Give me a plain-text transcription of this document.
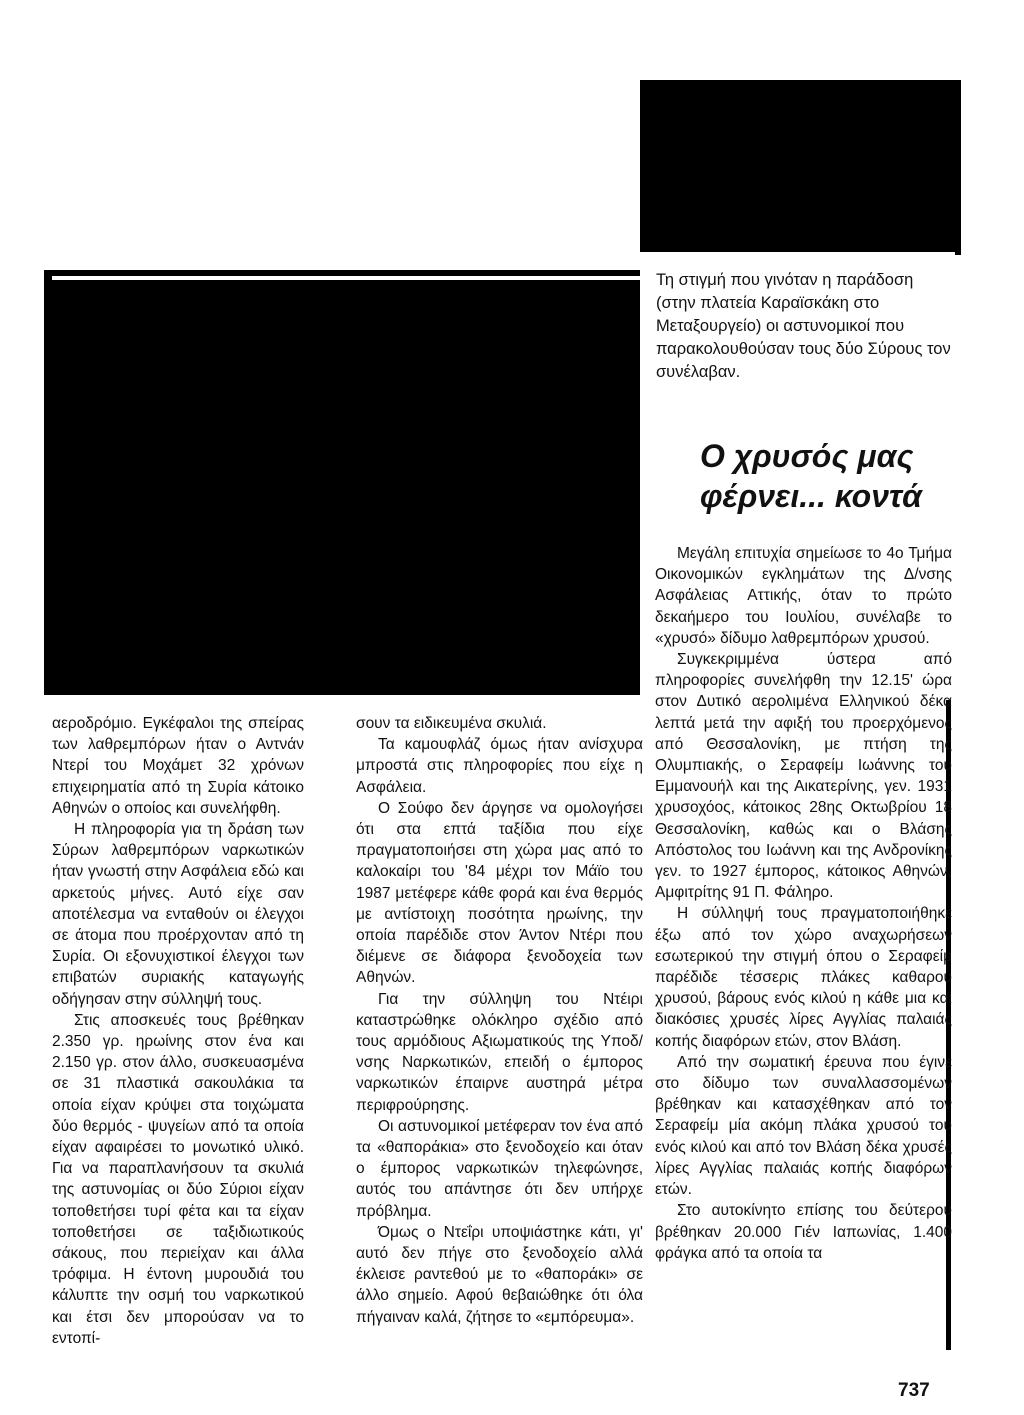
Τη στιγμή που γινόταν η παράδοση (στην πλατεία Καραϊσκάκη στο Μεταξουργείο) οι αστυνομικοί που παρακολουθούσαν τους δύο Σύρους τον συνέλαβαν.
Ο χρυσός μας
φέρνει... κοντά

αεροδρόμιο. Εγκέφαλοι της σπείρας των λαθρεμπόρων ήταν ο Αντνάν Ντερί του Μοχάμετ 32 χρόνων επιχειρηματία από τη Συρία κάτοικο Αθηνών ο οποίος και συνελήφθη.

Η πληροφορία για τη δράση των Σύρων λαθρεμπόρων ναρκωτικών ήταν γνωστή στην Ασφάλεια εδώ και αρκετούς μήνες. Αυτό είχε σαν αποτέλεσμα να ενταθούν οι έλεγχοι σε άτομα που προέρχονταν από τη Συρία. Οι εξονυχιστικοί έλεγχοι των επιβατών συριακής καταγωγής οδήγησαν στην σύλληψή τους.

Στις αποσκευές τους βρέθηκαν 2.350 γρ. ηρωίνης στον ένα και 2.150 γρ. στον άλλο, συσκευασμένα σε 31 πλαστικά σακουλάκια τα οποία είχαν κρύψει στα τοιχώματα δύο θερμός - ψυγείων από τα οποία είχαν αφαιρέσει το μονωτικό υλικό. Για να παραπλανήσουν τα σκυλιά της αστυνομίας οι δύο Σύριοι είχαν τοποθετήσει τυρί φέτα και τα είχαν τοποθετήσει σε ταξιδιωτικούς σάκους, που περιείχαν και άλλα τρόφιμα. Η έντονη μυρουδιά του κάλυπτε την οσμή του ναρκωτικού και έτσι δεν μπορούσαν να το εντοπί-

σουν τα ειδικευμένα σκυλιά.

Τα καμουφλάζ όμως ήταν ανίσχυρα μπροστά στις πληροφορίες που είχε η Ασφάλεια.

Ο Σούφο δεν άργησε να ομολογήσει ότι στα επτά ταξίδια που είχε πραγματοποιήσει στη χώρα μας από το καλοκαίρι του '84 μέχρι τον Μάϊο του 1987 μετέφερε κάθε φορά και ένα θερμός με αντίστοιχη ποσότητα ηρωίνης, την οποία παρέδιδε στον Άντον Ντέρι που διέμενε σε διάφορα ξενοδοχεία των Αθηνών.

Για την σύλληψη του Ντέιρι καταστρώθηκε ολόκληρο σχέδιο από τους αρμόδιους Αξιωματικούς της Υποδ/νσης Ναρκωτικών, επειδή ο έμπορος ναρκωτικών έπαιρνε αυστηρά μέτρα περιφρούρησης.

Οι αστυνομικοί μετέφεραν τον ένα από τα «θαποράκια» στο ξενοδοχείο και όταν ο έμπορος ναρκωτικών τηλεφώνησε, αυτός του απάντησε ότι δεν υπήρχε πρόβλημα.

Όμως ο Ντεΐρι υποψιάστηκε κάτι, γι' αυτό δεν πήγε στο ξενοδοχείο αλλά έκλεισε ραντεθού με το «θαποράκι» σε άλλο σημείο. Αφού θεβαιώθηκε ότι όλα πήγαιναν καλά, ζήτησε το «εμπόρευμα».

Μεγάλη επιτυχία σημείωσε το 4ο Τμήμα Οικονομικών εγκλημάτων της Δ/νσης Ασφάλειας Αττικής, όταν το πρώτο δεκαήμερο του Ιουλίου, συνέλαβε το «χρυσό» δίδυμο λαθρεμπόρων χρυσού.

Συγκεκριμμένα ύστερα από πληροφορίες συνελήφθη την 12.15' ώρα στον Δυτικό αερολιμένα Ελληνικού δέκα λεπτά μετά την αφιξή του προερχόμενος από Θεσσαλονίκη, με πτήση της Ολυμπιακής, ο Σεραφείμ Ιωάννης του Εμμανουήλ και της Αικατερίνης, γεν. 1931 χρυσοχόος, κάτοικος 28ης Οκτωβρίου 18 Θεσσαλονίκη, καθώς και ο Βλάσης Απόστολος του Ιωάννη και της Ανδρονίκης γεν. το 1927 έμπορος, κάτοικος Αθηνών, Αμφιτρίτης 91 Π. Φάληρο.

Η σύλληψή τους πραγματοποιήθηκε έξω από τον χώρο αναχωρήσεων εσωτερικού την στιγμή όπου ο Σεραφείμ παρέδιδε τέσσερις πλάκες καθαρού χρυσού, βάρους ενός κιλού η κάθε μια και διακόσιες χρυσές λίρες Αγγλίας παλαιάς κοπής διαφόρων ετών, στον Βλάση.

Από την σωματική έρευνα που έγινε στο δίδυμο των συναλλασσομένων βρέθηκαν και κατασχέθηκαν από τον Σεραφείμ μία ακόμη πλάκα χρυσού του ενός κιλού και από τον Βλάση δέκα χρυσές λίρες Αγγλίας παλαιάς κοπής διαφόρων ετών.

Στο αυτοκίνητο επίσης του δεύτερου βρέθηκαν 20.000 Γιέν Ιαπωνίας, 1.400 φράγκα από τα οποία τα

737
